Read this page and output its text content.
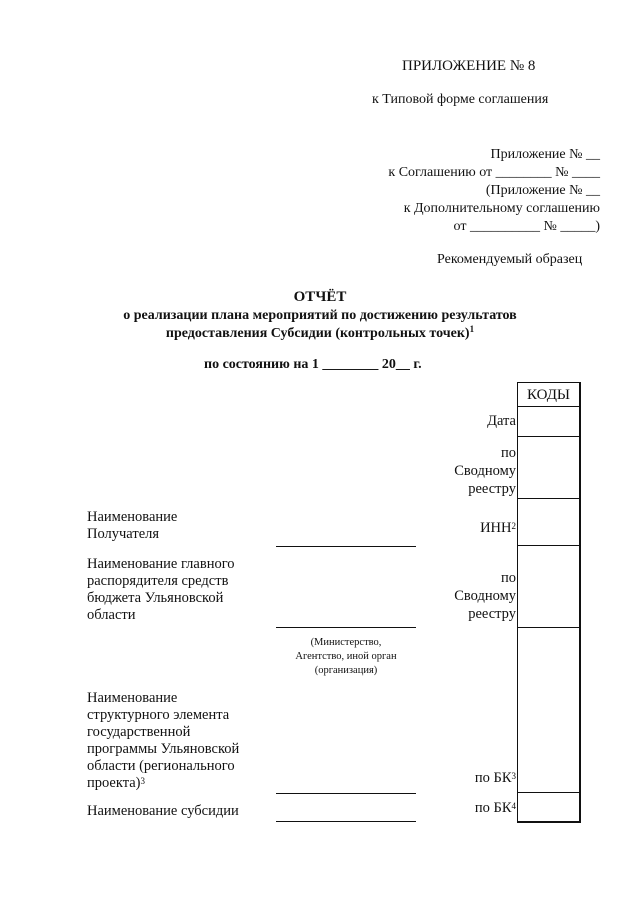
ПРИЛОЖЕНИЕ № 8
к Типовой форме соглашения
Приложение № __
к Соглашению от ________ № ____
(Приложение № __
к Дополнительному соглашению
от __________ № _____)
Рекомендуемый образец
ОТЧЁТ
о реализации плана мероприятий по достижению результатов
предоставления Субсидии (контрольных точек)$^1$
по состоянию на 1 ________ 20__ г.
КОДЫ
Дата
по
Сводному
реестру
ИНН$^2$
по
Сводному
реестру
по $БК^3$
по $БК^4$
Наименование
Получателя
Наименование главного
распорядителя средств
бюджета Ульяновской
области
(Министерство,
Агентство, иной орган
(организация)
Наименование
структурного элемента
государственной
программы Ульяновской
области (регионального
проекта)$^3$
Наименование субсидии
